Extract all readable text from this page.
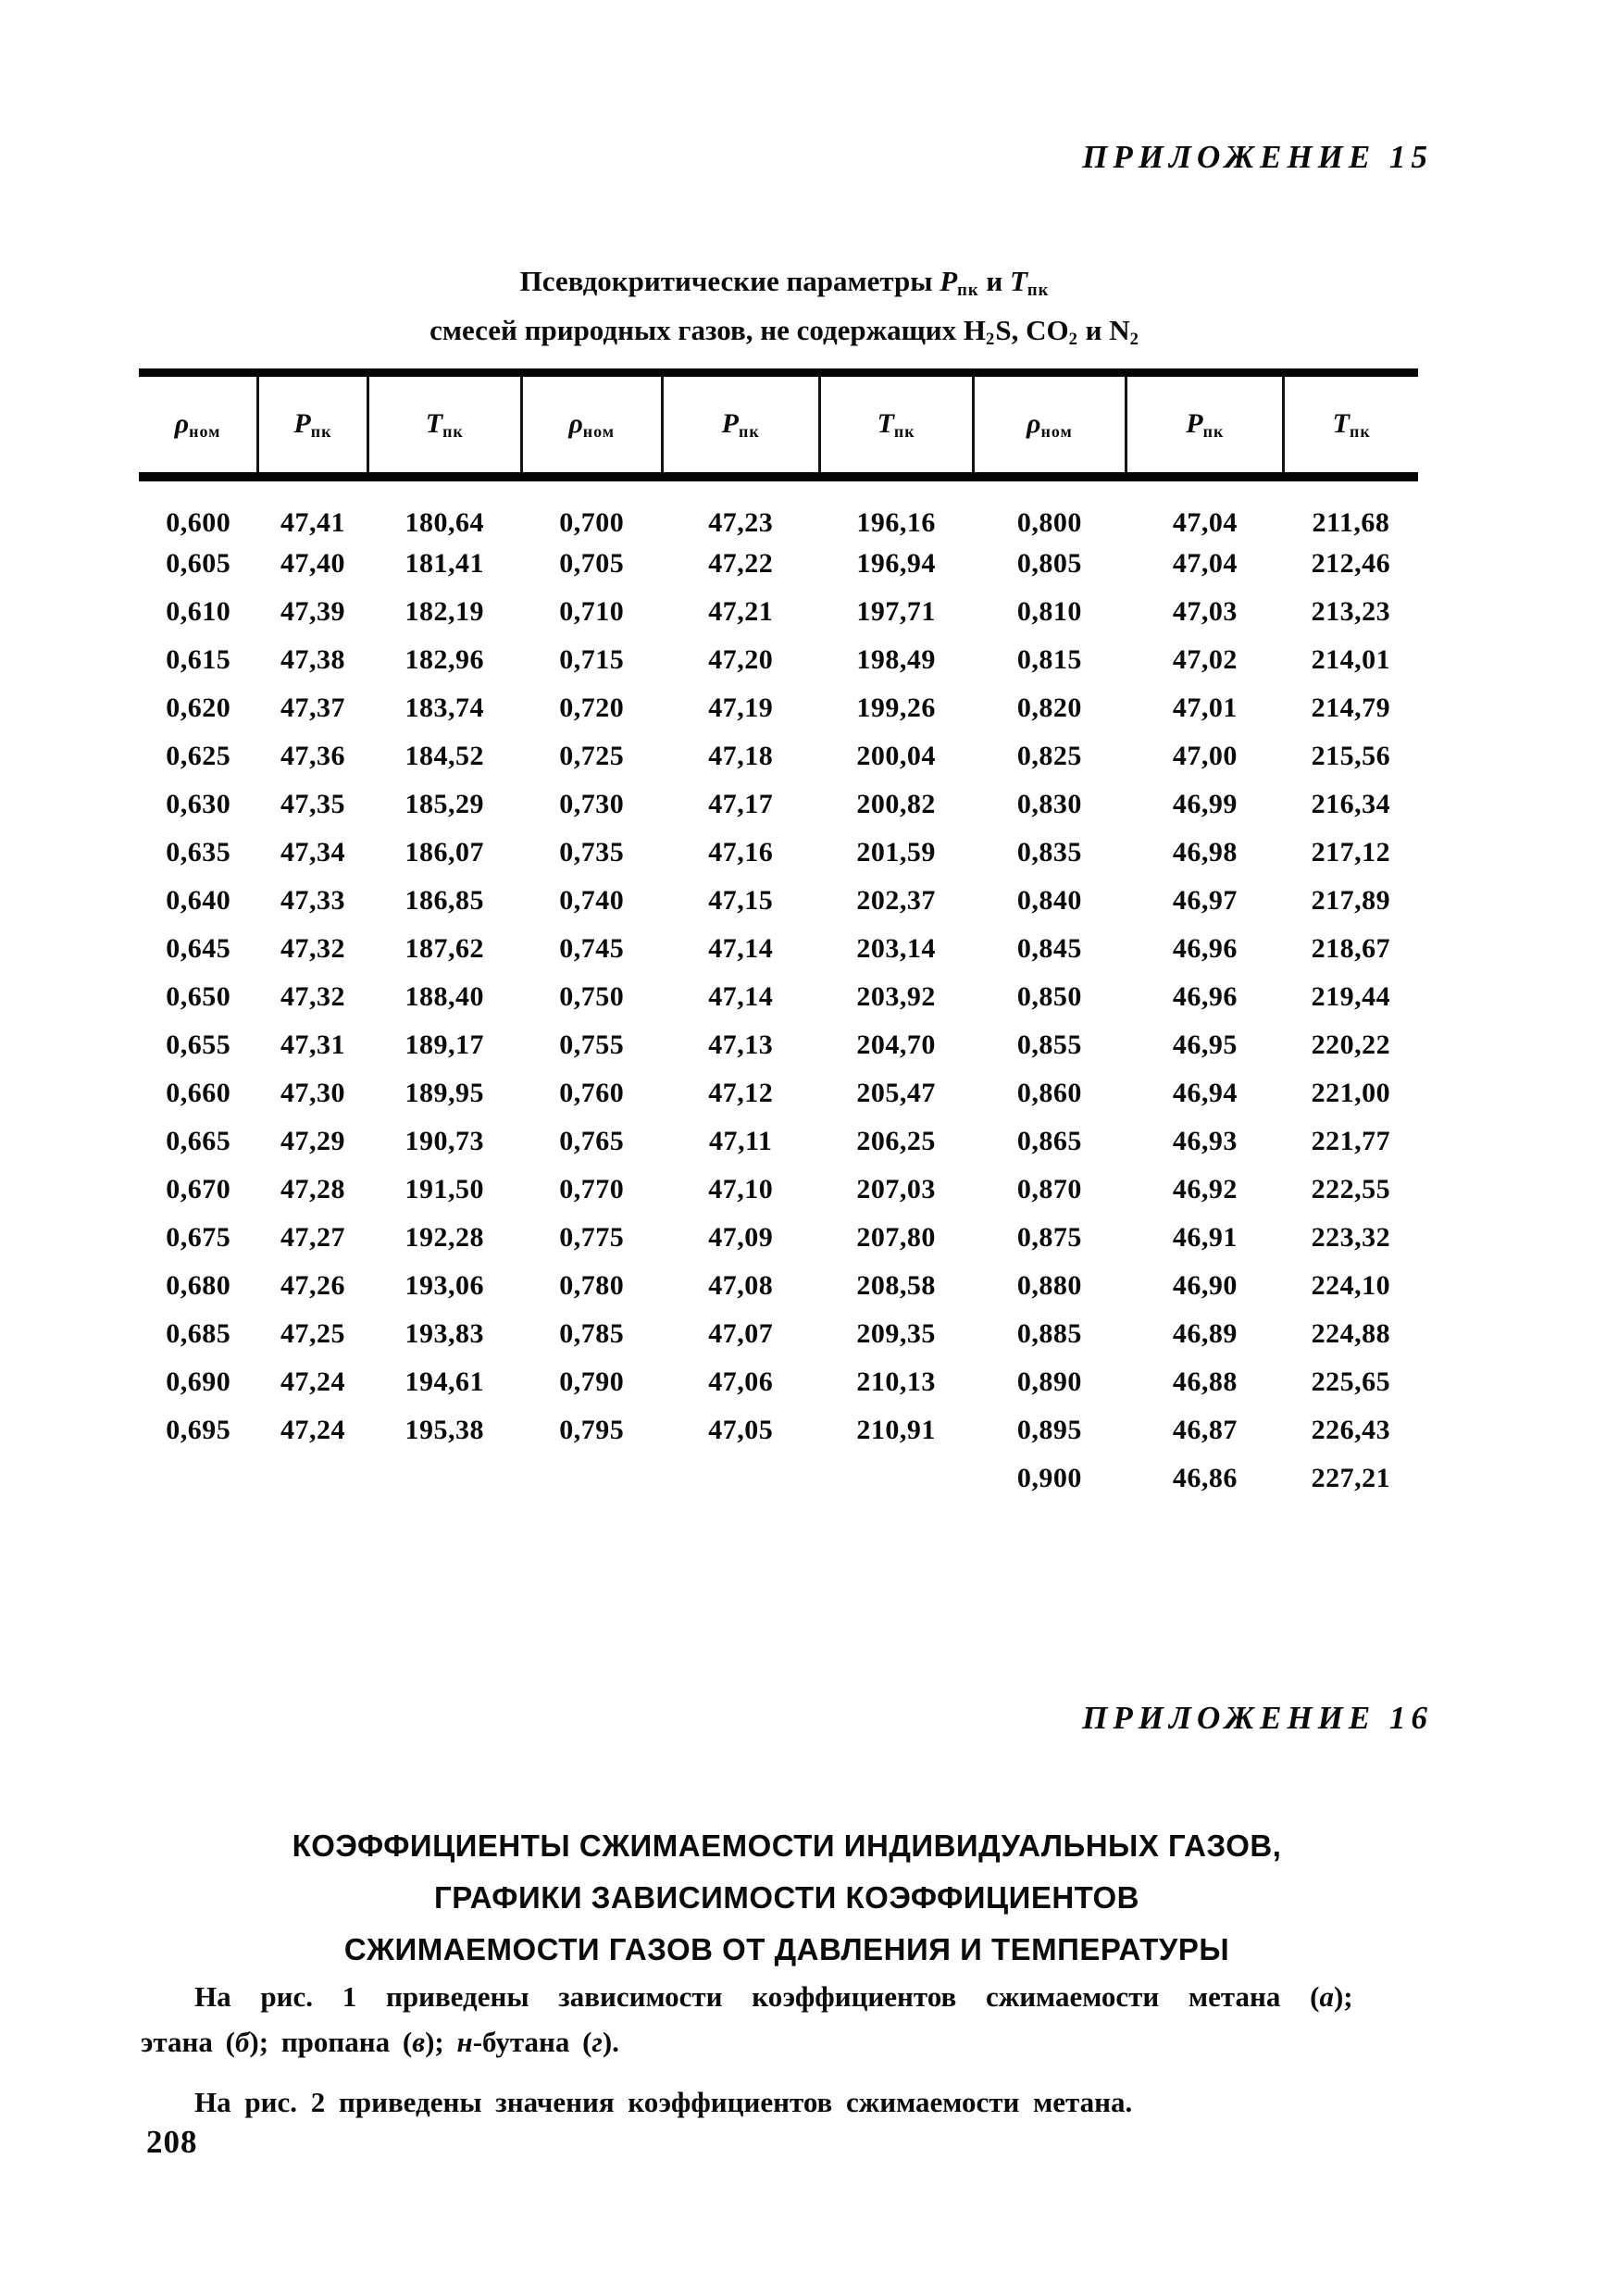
ПРИЛОЖЕНИЕ 15
Псевдокритические параметры $Р_{пк}$ и $Т_{пк}$
смесей природных газов, не содержащих $H_2S$, $CO_2$ и $N_2$
$\rho_{ном}$	$P_{пк}$	$T_{пк}$	$\rho_{ном}$	$P_{пк}$	$T_{пк}$	$\rho_{ном}$	$P_{пк}$	$T_{пк}$
0,600	47,41	180,64	0,700	47,23	196,16	0,800	47,04	211,68
0,605	47,40	181,41	0,705	47,22	196,94	0,805	47,04	212,46
0,610	47,39	182,19	0,710	47,21	197,71	0,810	47,03	213,23
0,615	47,38	182,96	0,715	47,20	198,49	0,815	47,02	214,01
0,620	47,37	183,74	0,720	47,19	199,26	0,820	47,01	214,79
0,625	47,36	184,52	0,725	47,18	200,04	0,825	47,00	215,56
0,630	47,35	185,29	0,730	47,17	200,82	0,830	46,99	216,34
0,635	47,34	186,07	0,735	47,16	201,59	0,835	46,98	217,12
0,640	47,33	186,85	0,740	47,15	202,37	0,840	46,97	217,89
0,645	47,32	187,62	0,745	47,14	203,14	0,845	46,96	218,67
0,650	47,32	188,40	0,750	47,14	203,92	0,850	46,96	219,44
0,655	47,31	189,17	0,755	47,13	204,70	0,855	46,95	220,22
0,660	47,30	189,95	0,760	47,12	205,47	0,860	46,94	221,00
0,665	47,29	190,73	0,765	47,11	206,25	0,865	46,93	221,77
0,670	47,28	191,50	0,770	47,10	207,03	0,870	46,92	222,55
0,675	47,27	192,28	0,775	47,09	207,80	0,875	46,91	223,32
0,680	47,26	193,06	0,780	47,08	208,58	0,880	46,90	224,10
0,685	47,25	193,83	0,785	47,07	209,35	0,885	46,89	224,88
0,690	47,24	194,61	0,790	47,06	210,13	0,890	46,88	225,65
0,695	47,24	195,38	0,795	47,05	210,91	0,895	46,87	226,43
						0,900	46,86	227,21
ПРИЛОЖЕНИЕ 16
КОЭФФИЦИЕНТЫ СЖИМАЕМОСТИ ИНДИВИДУАЛЬНЫХ ГАЗОВ,
ГРАФИКИ ЗАВИСИМОСТИ КОЭФФИЦИЕНТОВ
СЖИМАЕМОСТИ ГАЗОВ ОТ ДАВЛЕНИЯ И ТЕМПЕРАТУРЫ
На рис. 1 приведены зависимости коэффициентов сжимаемости метана (а);
этана (б); пропана (в); н-бутана (г).
На рис. 2 приведены значения коэффициентов сжимаемости метана.
208
